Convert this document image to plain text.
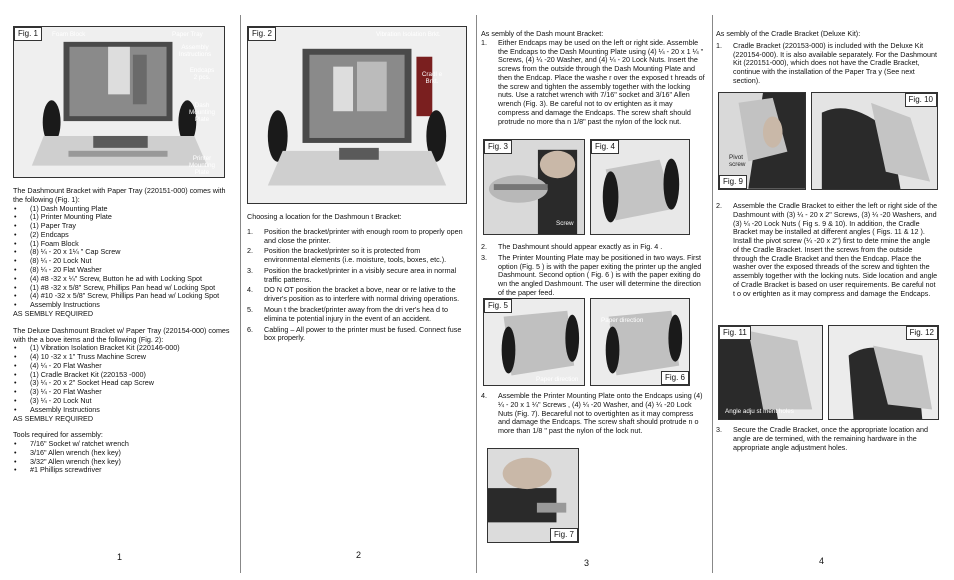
Fig. 1	Foam Block	Paper Tray
Assembly Instructions
Endcaps 2 pcs.
Dash Mounting Plate
Printer Mounting Plate

The Dashmount Bracket with Paper Tray (220151-000) comes with the following (Fig. 1):

• (1) Dash Mounting Plate
• (1) Printer Mounting Plate
• (1) Paper Tray
• (2) Endcaps
• (1) Foam Block
• (8) ¼ - 20 x 1¼ " Cap Screw
• (8) ¼ - 20 Lock Nut
• (8) ¼ - 20 Flat Washer
• (4) #8 -32 x ¼" Screw, Button he ad with Locking Spot
• (1) #8 -32 x 5/8" Screw, Phillips Pan head w/ Locking Spot
• (4) #10 -32 x 5/8" Screw, Phillips Pan head w/ Locking Spot
• Assembly Instructions

AS SEMBLY REQUIRED

The Deluxe Dashmount Bracket w/ Paper Tray (220154-000) comes with the a bove items and the following (Fig. 2):

• (1) Vibration Isolation Bracket Kit (220146-000)
• (4) 10 -32 x 1" Truss Machine Screw
• (4) ¼ - 20 Flat Washer
• (1) Cradle Bracket Kit (220153 -000)
• (3) ¼ - 20 x 2" Socket Head cap Screw
• (3) ¼ - 20 Flat Washer
• (3) ¼ - 20 Lock Nut
• Assembly Instructions

AS SEMBLY REQUIRED

Tools required for assembly:

• 7/16" Socket w/ ratchet wrench
• 3/16" Allen wrench (hex key)
• 3/32" Allen wrench (hex key)
• #1 Phillips screwdriver
1
Fig. 2	Vibration Isolation Brkt.
Cradl e Brkt.

Choosing a location for the Dashmoun t Bracket:

1. Position the bracket/printer with enough room to properly open and close the printer.
2. Position the bracket/printer so it is protected from environmental elements (i.e. moisture, tools, boxes, etc.).
3. Position the bracket/printer in a visibly secure area in normal traffic patterns.
4. DO N OT position the bracket a bove, near or re lative to the driver's position as to interfere with normal driving operations.
5. Moun t the bracket/printer away from the dri ver's hea d to elimina te potential injury in the event of an accident.
6. Cabling – All power to the printer must be fused. Connect fuse box properly.
2

As sembly of the Dash mount Bracket:

1. Either Endcaps may be used on the left or right side. Assemble the Endcaps to the Dash Mounting Plate using (4) ¼ - 20 x 1 ¼ " Screws, (4) ¼ -20 Washer, and (4) ¼ - 20 Lock Nuts. Insert the screws from the outside through the Dash Mounting Plate and then the Endcap. Place the washe r over the exposed t hreads of the screw and tighten the assembly together with the locking nuts. Use a ratchet wrench with 7/16" socket and 3/16" Allen wrench (Fig. 3). Be careful not to ov ertighten as it may compress and damage the Endcaps. The screw shaft should protrude no more tha n 1/8" past the nylon of the lock nut.
Fig. 3
Screw
Fig. 4
2. The Dashmount should appear exactly as in Fig. 4 .
3. The Printer Mounting Plate may be positioned in two ways. First option (Fig. 5 ) is with the paper exiting the printer up the angled Dashmount. Second option ( Fig. 6 ) is with the paper exiting do wn the angled Dashmount. The user will determine the direction of the paper feed.
Fig. 5
Paper direction	Fig. 6
Paper direction
4. Assemble the Printer Mounting Plate onto the Endcaps using (4) ¼ - 20 x 1 ¼" Screws , (4) ¼ -20 Washer, and (4) ¼ -20 Lock Nuts (Fig. 7). Becareful not to overtighten as it may compress and damage the Endcaps. The screw shaft should protrude n o more than 1/8 " past the nylon of the lock nut.
Fig. 7
3

As sembly of the Cradle Bracket (Deluxe Kit):

1. Cradle Bracket (220153-000) is included with the Deluxe Kit (220154-000). It is also available separately. For the Dashmount Kit (220151-000), which does not have the Cradle Bracket, continue with the installation of the Paper Tra y (See next section).
Fig. 9
Pivot screw
Fig. 10
2. Assemble the Cradle Bracket to either the left or right side of the Dashmount with (3) ¼ - 20 x 2" Screws, (3) ¼ -20 Washers, and (3) ¼ -20 Lock Nuts ( Fig s. 9 & 10). In addition, the Cradle Bracket may be installed at different angles ( Figs. 11 & 12 ). Install the pivot screw (¼ -20 x 2") first to dete rmine the angle of the Cradle Bracket. Insert the screws from the outside through the Cradle Bracket and then the Endcap. Place the washer over the exposed threads of the screw and tighten the assembly together with the locking nuts. Side location and angle of Cradle Bracket is based on user requirements. Be careful not t o ov ertighten as it may compress and damage the Endcaps.
Fig. 11
Angle adju st ment holes
Fig. 12
3. Secure the Cradle Bracket, once the appropriate location and angle are de termined, with the remaining hardware in the appropriate angle adjustment holes.
4
